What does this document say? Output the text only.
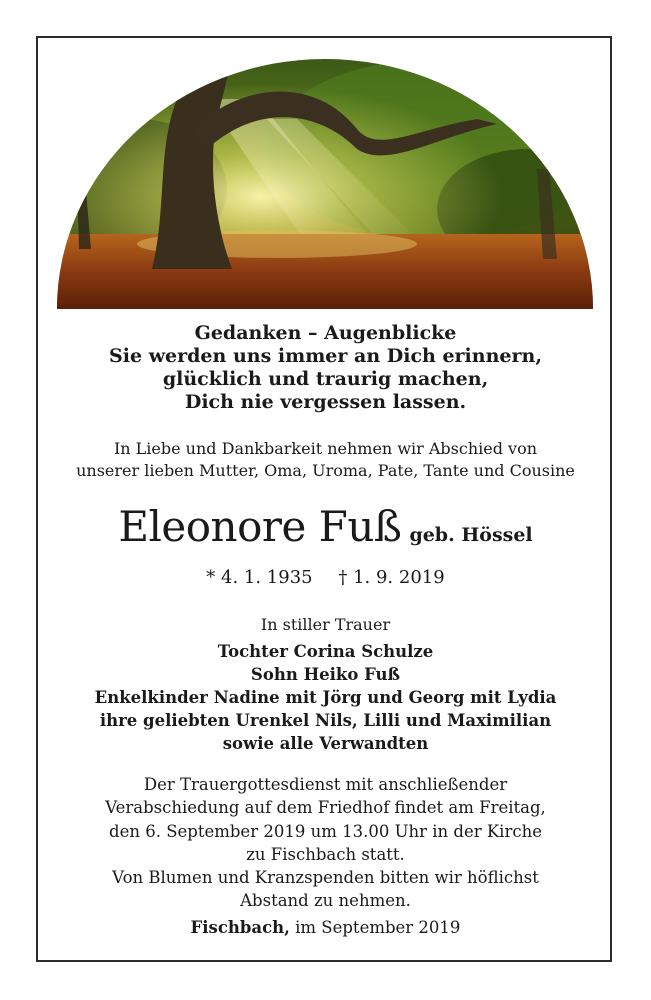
Gedanken – Augenblicke
Sie werden uns immer an Dich erinnern,
glücklich und traurig machen,
Dich nie vergessen lassen.
In Liebe und Dankbarkeit nehmen wir Abschied von
unserer lieben Mutter, Oma, Uroma, Pate, Tante und Cousine
Eleonore Fuß geb. Hössel
* 4. 1. 1935 † 1. 9. 2019
In stiller Trauer
Tochter Corina Schulze
Sohn Heiko Fuß
Enkelkinder Nadine mit Jörg und Georg mit Lydia
ihre geliebten Urenkel Nils, Lilli und Maximilian
sowie alle Verwandten
Der Trauergottesdienst mit anschließender
Verabschiedung auf dem Friedhof findet am Freitag,
den 6. September 2019 um 13.00 Uhr in der Kirche
zu Fischbach statt.
Von Blumen und Kranzspenden bitten wir höflichst
Abstand zu nehmen.
Fischbach, im September 2019
